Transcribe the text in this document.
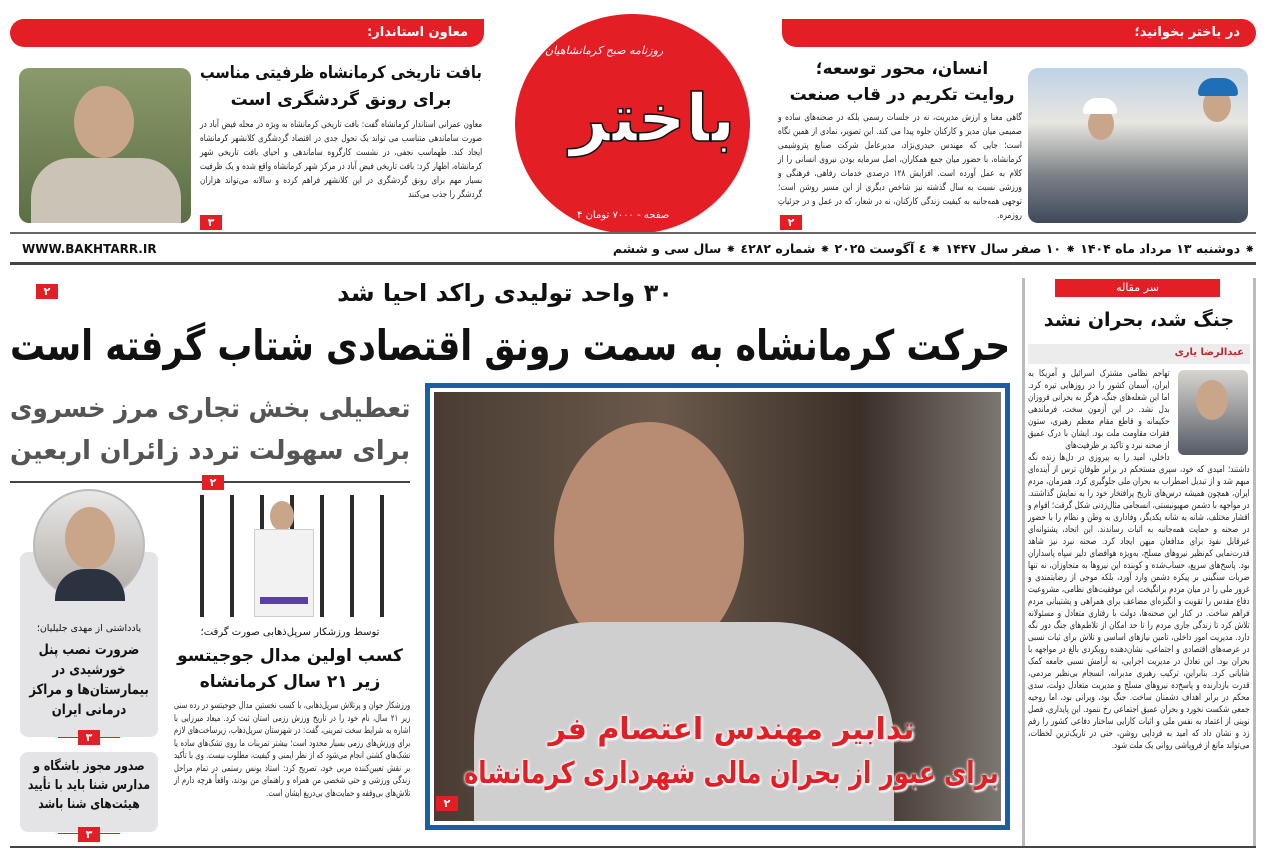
معاون استاندار:
بافت تاریخی کرمانشاه ظرفیتی مناسب
برای رونق گردشگری است

معاون عمرانی استاندار کرمانشاه گفت: بافت تاریخی کرمانشاه به ویژه در محله فیض آباد در صورت ساماندهی متناسب می تواند یک تحول جدی در اقتصاد گردشگری کلانشهر کرمانشاه ایجاد کند. طهماسب نجفی، در نشست کارگروه ساماندهی و احیای بافت تاریخی شهر کرمانشاه، اظهار کرد: بافت تاریخی فیض آباد در مرکز شهر کرمانشاه واقع شده و یک ظرفیت بسیار مهم برای رونق گردشگری در این کلانشهر فراهم کرده و سالانه می‌تواند هزاران گردشگر را جذب می‌کنند

۳
روزنامه صبح کرمانشاهیان
باختر
۴ صفحه - ۷۰۰۰ تومان
در باختر بخوانید؛
انسان، محور توسعه؛
روایت تکریم در قاب صنعت

گاهی معنا و ارزش مدیریت، نه در جلسات رسمی بلکه در صحنه‌های ساده و صمیمی میان مدیر و کارکنان جلوه پیدا می کند. این تصویر، نمادی از همین نگاه است؛ جایی که مهندس حیدری‌نژاد، مدیرعامل شرکت صنایع پتروشیمی کرمانشاه، با حضور میان جمع همکاران، اصل سرمایه بودن نیروی انسانی را از کلام به عمل آورده است. افزایش ۱۲۸ درصدی خدمات رفاهی، فرهنگی و ورزشی نسبت به سال گذشته نیز شاخص دیگری از این مسیر روشن است؛ توجهی همه‌جانبه به کیفیت زندگی کارکنان، نه در شعار، که در عمل و در جزئیاتِ روزمره.

۲
WWW.BAKHTARR.IR	⁕ دوشنبه ۱۳ مرداد ماه ۱۴۰۴ ⁕ ۱۰ صفر سال ۱۴۴۷ ⁕ ٤ آگوست ۲۰۲۵ ⁕ شماره ٤۲۸۲ ⁕ سال سی و ششم
۳۰ واحد تولیدی راکد احیا شد
۲
حرکت کرمانشاه به سمت رونق اقتصادی شتاب گرفته است
تعطیلی بخش تجاری مرز خسروی
برای سهولت تردد زائران اربعین
۲
تدابیر مهندس اعتصام فر
برای عبور از بحران مالی شهرداری کرمانشاه
۲
یادداشتی از مهدی جلیلیان؛
ضرورت نصب پنل خورشیدی در بیمارستان‌ها و مراکز درمانی ایران
۳
صدور مجوز باشگاه و مدارس شنا باید با تأیید هیئت‌های شنا باشد
۳
توسط ورزشکار سرپل‌ذهابی صورت گرفت؛
کسب اولین مدال جوجیتسو
زیر ۲۱ سال کرمانشاه

ورزشکار جوان و پرتلاش سرپل‌ذهابی، با کسب نخستین مدال جوجیتسو در رده سنی زیر ۲۱ سال، نام خود را در تاریخ ورزش رزمی استان ثبت کرد. میعاد میرزایی با اشاره به شرایط سخت تمرینی، گفت: در شهرستان سرپل‌ذهاب، زیرساخت‌های لازم برای ورزش‌های رزمی بسیار محدود است؛ بیشتر تمرینات ما روی تشک‌های ساده یا تشک‌های کشتی انجام می‌شود که از نظر ایمنی و کیفیت، مطلوب نیست. وی با تأکید بر نقش تعیین‌کننده مربی خود، تصریح کرد: استاد یونس رستمی در تمام مراحل زندگی ورزشی و حتی شخصی من همراه و راهنمای من بودند، واقعاً هرچه دارم از تلاش‌های بی‌وقفه و حمایت‌های بی‌دریغ ایشان است.

سر مقاله
جنگ شد، بحران نشد
عبدالرضا یاری

تهاجم نظامی مشترک اسرائیل و آمریکا به ایران، آسمان کشور را در روزهایی تیره کرد. اما این شعله‌های جنگ، هرگز به بحرانی فروزان بدل نشد. در این آزمون سخت، فرماندهی حکیمانه و قاطع مقام معظم رهبری، ستون فقرات مقاومت ملت بود. ایشان با درک عمیق از صحنه نبرد و تاکید بر ظرفیت‌های

داخلی، امید را به پیروزی در دل‌ها زنده نگه داشتند؛ امیدی که خود، سپری مستحکم در برابر طوفان ترس از آینده‌ای مبهم شد و از تبدیل اضطراب به بحران ملی جلوگیری کرد. همزمان، مردم ایران، همچون همیشه درس‌های تاریخ پرافتخار خود را به نمایش گذاشتند. در مواجهه با دشمن صهیونیستی، انسجامی مثال‌زدنی شکل گرفت؛ اقوام و اقشار مختلف، شانه به شانه یکدیگر، وفاداری به وطن و نظام را با حضور در صحنه و حمایت همه‌جانبه به اثبات رساندند. این اتحاد، پشتوانه‌ای غیرقابل نفوذ برای مدافعان میهن ایجاد کرد. صحنه نبرد نیز شاهد قدرت‌نمایی کم‌نظیر نیروهای مسلح، به‌ویژه هوافضای دلیر سپاه پاسداران بود. پاسخ‌های سریع، حساب‌شده و کوبنده این نیروها به متجاوزان، نه تنها ضربات سنگینی بر پیکره دشمن وارد آورد، بلکه موجی از رضایتمندی و غرور ملی را در میان مردم برانگیخت. این موفقیت‌های نظامی، مشروعیت دفاع مقدس را تقویت و انگیزه‌ای مضاعف برای همراهی و پشتیبانی مردم فراهم ساخت. در کنار این صحنه‌ها، دولت با رفتاری متعادل و مسئولانه تلاش کرد تا زندگی جاری مردم را تا حد امکان از تلاطم‌های جنگ دور نگه دارد. مدیریت امور داخلی، تامین نیازهای اساسی و تلاش برای ثبات نسبی در عرصه‌های اقتصادی و اجتماعی، نشان‌دهنده رویکردی بالغ در مواجهه با بحران بود. این تعادل در مدیریت اجرایی، به آرامش نسبی جامعه کمک شایانی کرد. بنابراین، ترکیب رهبری مدبرانه، انسجام بی‌نظیر مردمی، قدرت بازدارنده و پاسخ‌ده نیروهای مسلح و مدیریت متعادل دولت، سدی محکم در برابر اهداف دشمنان ساخت. جنگ بود، ویرانی بود، اما روحیه جمعی شکست نخورد و بحران عمیق اجتماعی رخ ننمود. این پایداری، فصل نوینی از اعتماد به نفس ملی و اثبات کارایی ساختار دفاعی کشور را رقم زد و نشان داد که امید به فردایی روشن، حتی در تاریک‌ترین لحظات، می‌تواند مانع از فروپاشی روانی یک ملت شود.
